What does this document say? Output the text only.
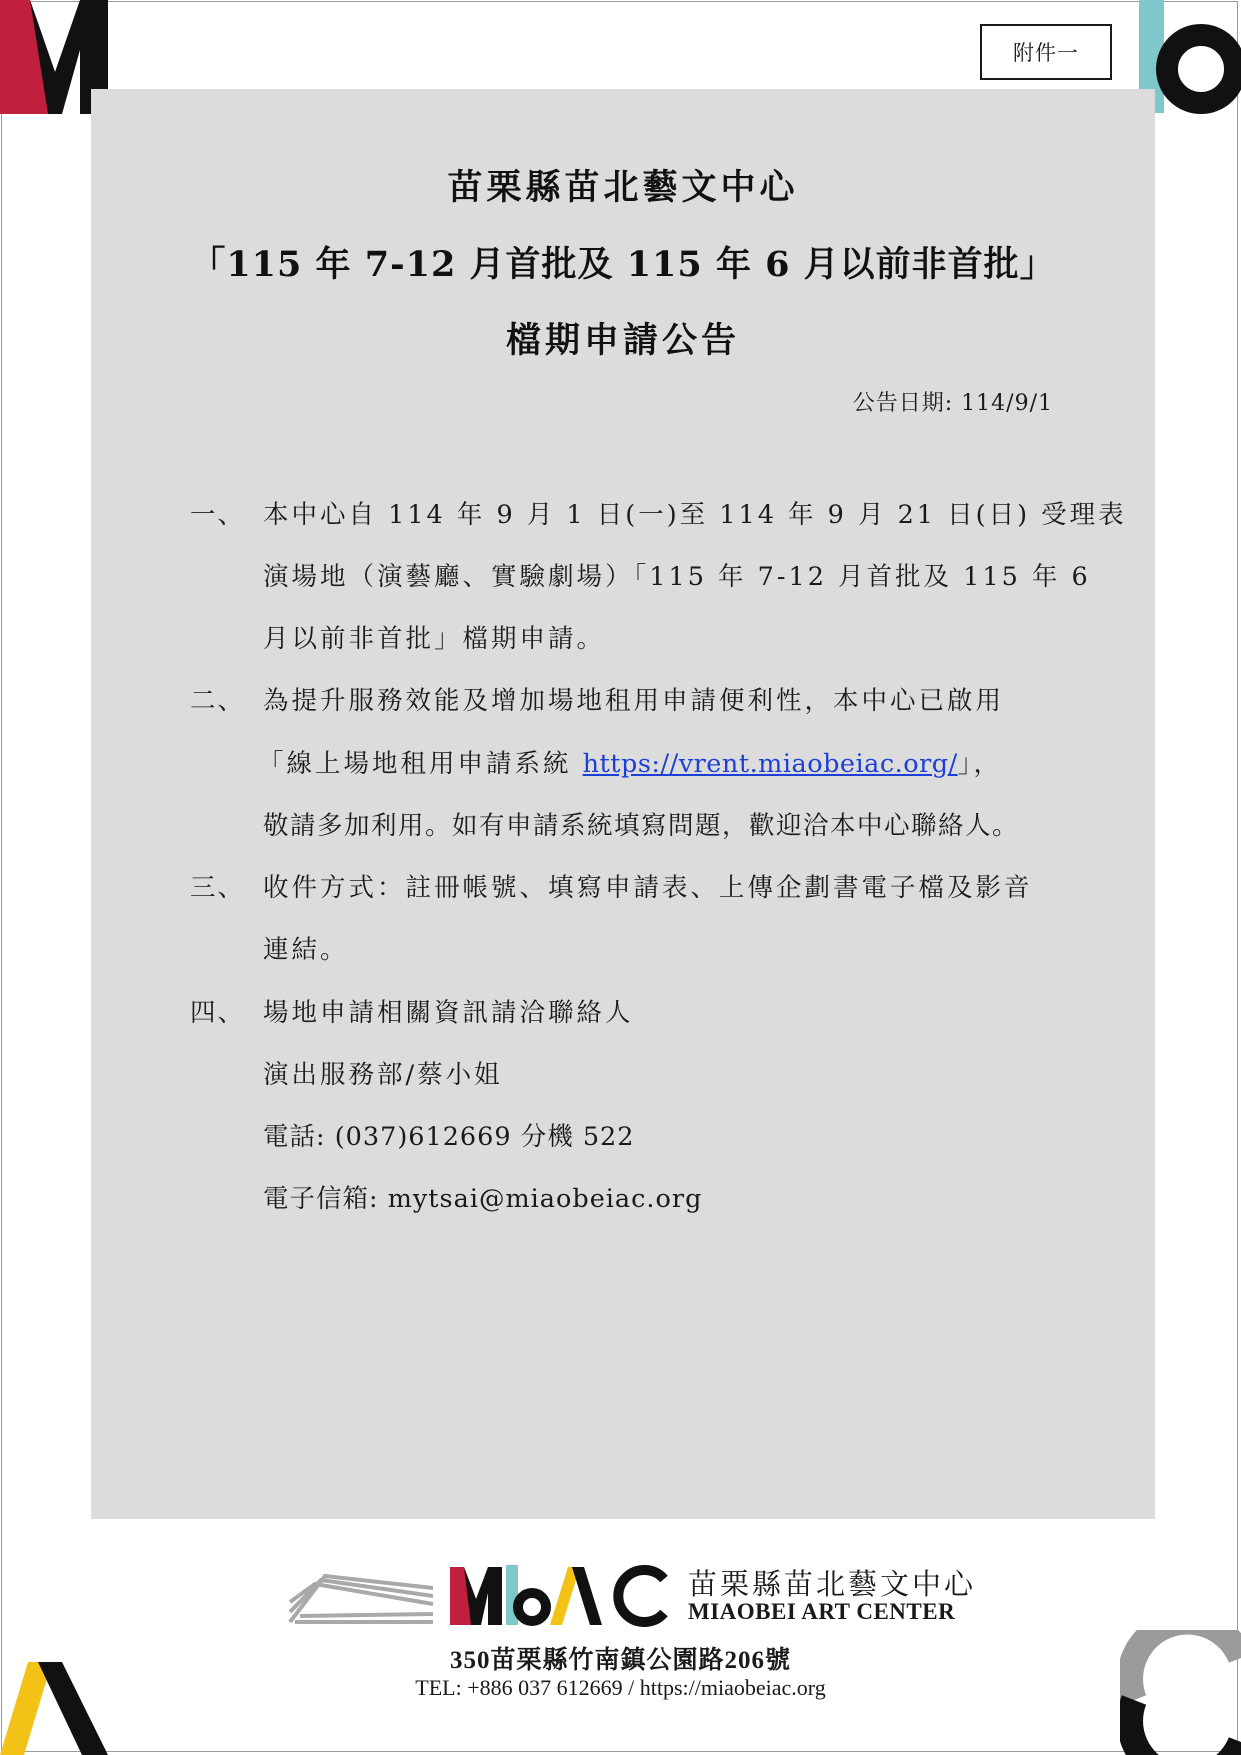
附件一
苗栗縣苗北藝文中心
「115 年 7-12 月首批及 115 年 6 月以前非首批」
檔期申請公告
公告日期: 114/9/1
一、 本中心自 114 年 9 月 1 日(一)至 114 年 9 月 21 日(日) 受理表
演場地（演藝廳、實驗劇場）「115 年 7-12 月首批及 115 年 6
月以前非首批」檔期申請。
二、 為提升服務效能及增加場地租用申請便利性，本中心已啟用
「線上場地租用申請系統 https://vrent.miaobeiac.org/」，
敬請多加利用。如有申請系統填寫問題，歡迎洽本中心聯絡人。
三、 收件方式：註冊帳號、填寫申請表、上傳企劃書電子檔及影音
連結。
四、 場地申請相關資訊請洽聯絡人
演出服務部/蔡小姐
電話: (037)612669 分機 522
電子信箱: mytsai@miaobeiac.org
苗栗縣苗北藝文中心
MIAOBEI ART CENTER
350苗栗縣竹南鎮公園路206號
TEL: +886 037 612669 / https://miaobeiac.org
